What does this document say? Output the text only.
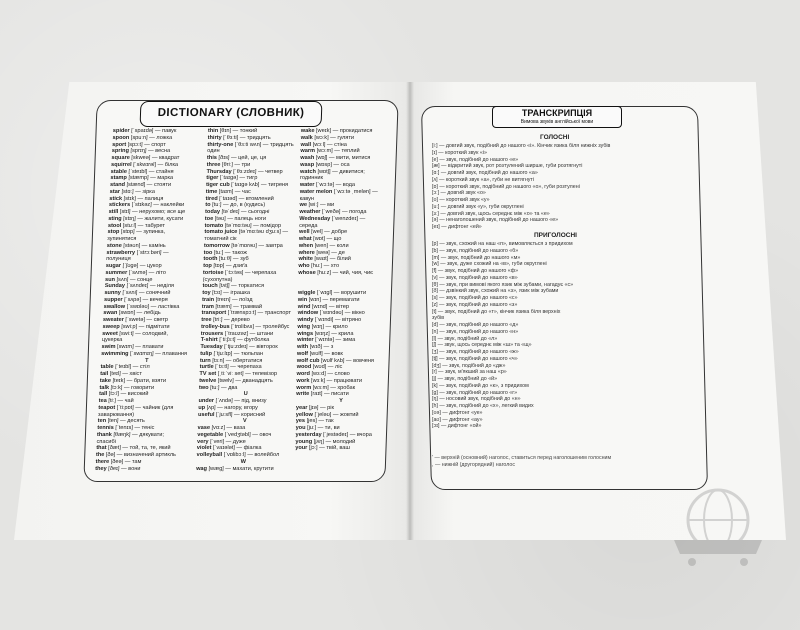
DICTIONARY (СЛОВНИК)
spider [ˈspaɪdə] — павук
spoon [spuːn] — ложка
sport [spɔːt] — спорт
spring [sprɪŋ] — весна
square [skweə] — квадрат
squirrel [ˈskwɪrəl] — білка
stable [ˈsteɪbl] — стайня
stamp [stæmp] — марка
stand [stænd] — стояти
star [stɑː] — зірка
stick [stɪk] — палиця
stickers [ˈstɪkəz] — наклейки
still [stɪl] — нерухомо; все ще
sting [stɪŋ] — жалити, кусати
stool [stuːl] — табурет
stop [stɒp] — зупинка,
зупинятися
stone [stəʊn] — камінь
strawberry [ˈstrɔːbəri] —
полуниця
sugar [ˈʃʊɡə] — цукор
summer [ˈsʌmə] — літо
sun [sʌn] — сонце
Sunday [ˈsʌndeɪ] — неділя
sunny [ˈsʌni] — сонячний
supper [ˈsʌpə] — вечеря
swallow [ˈswɒləʊ] — ластівка
swan [swɒn] — лебідь
sweater [ˈswetə] — светр
sweep [swiːp] — підмітати
sweet [swiːt] — солодкий,
цукерка
swim [swɪm] — плавати
swimming [ˈswɪmɪŋ] — плавання
T
table [ˈteɪbl] — стіл
tail [teɪl] — хвіст
take [teɪk] — брати, взяти
talk [tɔːk] — говорити
tall [tɔːl] — високий
tea [tiː] — чай
teapot [ˈtiːpɒt] — чайник (для
заварювання)
ten [ten] — десять
tennis [ˈtenɪs] — теніс
thank [θæŋk] — дякувати;
спасибі
that [ðæt] — той, та, те, який
the [ðə] — визначений артикль
there [ðeə] — там
they [ðeɪ] — вони
thin [θɪn] — тонкий
thirty [ˈθɜːti] — тридцять
thirty-one [ˈθɜːti wʌn] — тридцять
один
this [ðɪs] — цей, це, ця
three [θriː] — три
Thursday [ˈθɜːzdeɪ] — четвер
tiger [ˈtaɪɡə] — тигр
tiger cub [ˈtaɪɡə kʌb] — тигреня
time [taɪm] — час
tired [ˈtaɪəd] — втомлений
to [tuː] — до, в (кудись)
today [təˈdeɪ] — сьогодні
toe [təʊ] — палець ноги
tomato [təˈmɑːtəʊ] — помідор
tomato juice [təˈmɑːtəʊ dʒuːs] —
томатний сік
tomorrow [təˈmɒrəʊ] — завтра
too [tuː] — також
tooth [tuːθ] — зуб
top [tɒp] — дзиґа
tortoise [ˈtɔːtəs] — черепаха
(сухопутна)
touch [tʌtʃ] — торкатися
toy [tɔɪ] — іграшка
train [treɪn] — поїзд
tram [træm] — трамвай
transport [ˈtrænspɔːt] — транспорт
tree [triː] — дерево
trolley-bus [ˈtrɒlibʌs] — тролейбус
trousers [ˈtraʊzəz] — штани
T-shirt [ˈtiːʃɜːt] — футболка
Tuesday [ˈtjuːzdeɪ] — вівторок
tulip [ˈtjuːlɪp] — тюльпан
turn [tɜːn] — обертатися
turtle [ˈtɜːtl] — черепаха
TV set [ˌtiːˈviː set] — телевізор
twelve [twelv] — дванадцять
two [tuː] — два
U
under [ˈʌndə] — під, внизу
up [ʌp] — нагору, вгору
useful [ˈjuːsfl] — корисний
V
vase [vɑːz] — ваза
vegetable [ˈvedʒtəbl] — овоч
very [ˈveri] — дуже
violet [ˈvaɪələt] — фіалка
volleyball [ˈvɒlibɔːl] — волейбол
W
wag [wæɡ] — махати, крутити
wake [weɪk] — прокидатися
walk [wɔːk] — гуляти
wall [wɔːl] — стіна
warm [wɔːm] — теплий
wash [wɒʃ] — мити, митися
wasp [wɒsp] — оса
watch [wɒtʃ] — дивитися;
годинник
water [ˈwɔːtə] — вода
water melon [ˈwɔːtə ˌmelən] —
кавун
we [wiː] — ми
weather [ˈweðə] — погода
Wednesday [ˈwenzdeɪ] —
середа
well [wel] — добре
what [wɒt] — що
when [wen] — коли
where [weə] — де
white [waɪt] — білий
who [huː] — хто
whose [huːz] — чий, чия, чиє
wiggle [ˈwɪɡl] — ворушити
win [wɪn] — перемагати
wind [wɪnd] — вітер
window [ˈwɪndəʊ] — вікно
windy [ˈwɪndi] — вітряно
wing [wɪŋ] — крило
wings [wɪŋz] — крила
winter [ˈwɪntə] — зима
with [wɪð] — з
wolf [wʊlf] — вовк
wolf cub [wʊlf kʌb] — вовченя
wood [wʊd] — ліс
word [wɜːd] — слово
work [wɜːk] — працювати
worm [wɜːm] — хробак
write [raɪt] — писати
Y
year [jɪə] — рік
yellow [ˈjeləʊ] — жовтий
yes [jes] — так
you [juː] — ти, ви
yesterday [ˈjestədeɪ] — вчора
young [jʌŋ] — молодий
your [jɔː] — твій, ваш
ТРАНСКРИПЦІЯ
Вимова звуків англійської мови
ГОЛОСНІ
[iː] — довгий звук, подібний до нашого «і». Кінчик язика біля нижніх зубів
[ɪ] — короткий звук «і»
[e] — звук, подібний до нашого «е»
[æ] — відкритий звук, рот розтулений ширше, губи розтягнуті
[ɑː] — довгий звук, подібний до нашого «а»
[ʌ] — короткий звук «а», губи не витягнуті
[ɒ] — короткий звук, подібний до нашого «о», губи розтулені
[ɔː] — довгий звук «о»
[ʊ] — короткий звук «у»
[uː] — довгий звук «у», губи округлені
[ɜː] — довгий звук, щось середнє між «о» та «е»
[ə] — ненаголошений звук, подібний до нашого «е»
[eɪ] — дифтонг «ей»
ПРИГОЛОСНІ
[p] — звук, схожий на наш «п», вимовляється з придихом
[b] — звук, подібний до нашого «б»
[m] — звук, подібний до нашого «м»
[w] — звук, дуже схожий на «в», губи округлені
[f] — звук, подібний до нашого «ф»
[v] — звук, подібний до нашого «в»
[θ] — звук, при вимові якого язик між зубами, нагадує «с»
[ð] — дзвінкий звук, схожий на «з», язик між зубами
[s] — звук, подібний до нашого «с»
[z] — звук, подібний до нашого «з»
[t] — звук, подібний до «т», кінчик язика біля верхніх
зубів
[d] — звук, подібний до нашого «д»
[n] — звук, подібний до нашого «н»
[l] — звук, подібний до «л»
[ʃ] — звук, щось середнє між «ш» та «щ»
[ʒ] — звук, подібний до нашого «ж»
[tʃ] — звук, подібний до нашого «ч»
[dʒ] — звук, подібний до «дж»
[r] — звук, м'якший за наш «р»
[j] — звук, подібний до «й»
[k] — звук, подібний до «к», з придихом
[g] — звук, подібний до нашого «г»
[ŋ] — носовий звук, подібний до «н»
[h] — звук, подібний до «х», легкий видих
[ʊə] — дифтонг «уе»
[aʊ] — дифтонг «ау»
[ɔɪ] — дифтонг «ой»
' — верхній (основний) наголос, ставиться перед наголошеним голосним
, — нижній (другорядний) наголос
